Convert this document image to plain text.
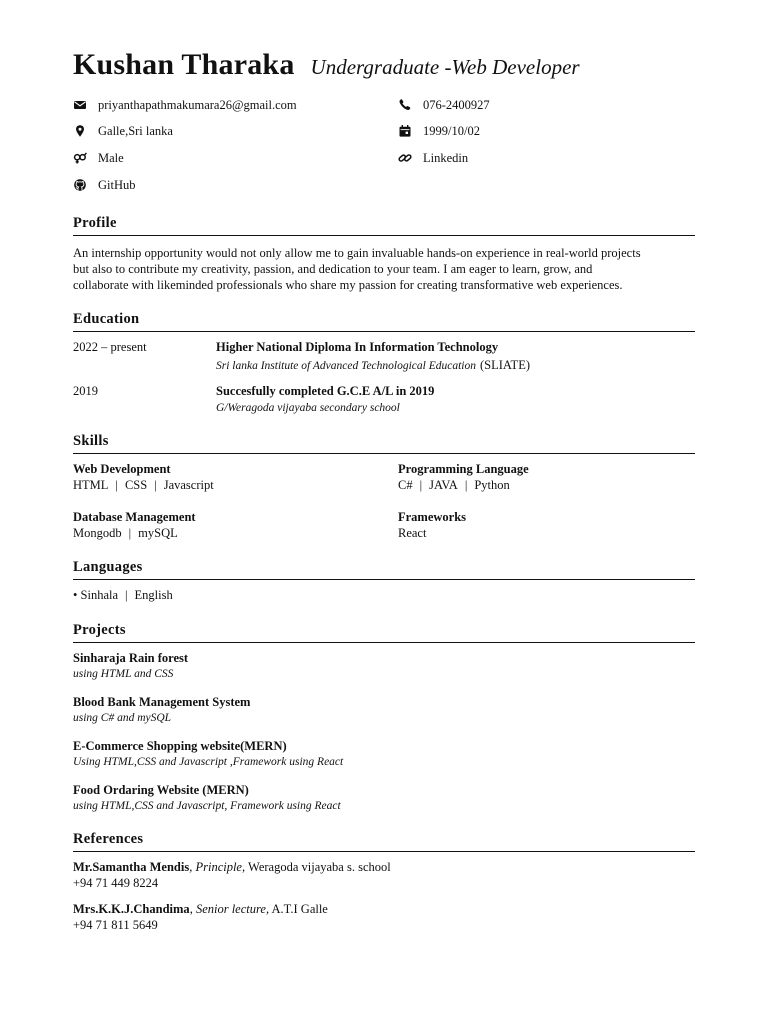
Kushan Tharaka Undergraduate -Web Developer
priyanthapathmakumara26@gmail.com	076-2400927
Galle,Sri lanka	1999/10/02
Male	Linkedin
GitHub
Profile
An internship opportunity would not only allow me to gain invaluable hands-on experience in real-world projects
but also to contribute my creativity, passion, and dedication to your team. I am eager to learn, grow, and
collaborate with likeminded professionals who share my passion for creating transformative web experiences.
Education
2022 – present	Higher National Diploma In Information Technology
Sri lanka Institute of Advanced Technological Education (SLIATE)
2019	Succesfully completed G.C.E A/L in 2019
G/Weragoda vijayaba secondary school
Skills
Web Development
HTML | CSS | Javascript
Programming Language
C# | JAVA | Python
Database Management
Mongodb | mySQL
Frameworks
React
Languages
• Sinhala | English
Projects
Sinharaja Rain forest
using HTML and CSS
Blood Bank Management System
using C# and mySQL
E-Commerce Shopping website(MERN)
Using HTML,CSS and Javascript ,Framework using React
Food Ordaring Website (MERN)
using HTML,CSS and Javascript, Framework using React
References
Mr.Samantha Mendis, Principle, Weragoda vijayaba s. school
+94 71 449 8224
Mrs.K.K.J.Chandima, Senior lecture, A.T.I Galle
+94 71 811 5649
